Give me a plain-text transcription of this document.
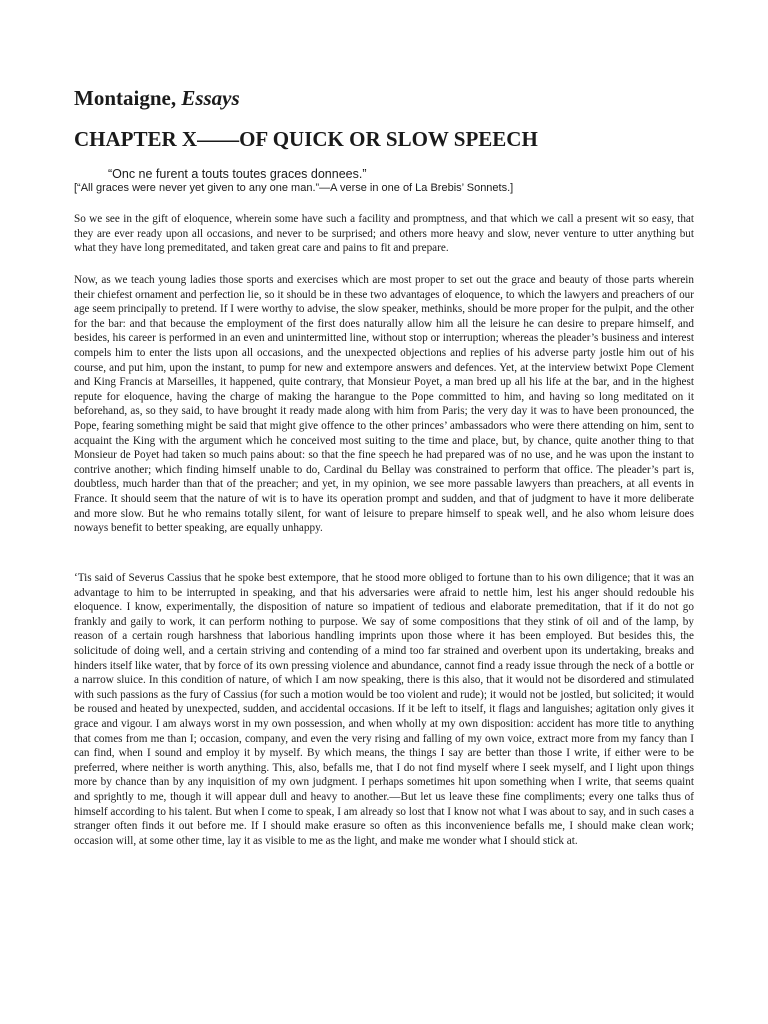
Montaigne, Essays
CHAPTER X——OF QUICK OR SLOW SPEECH

“Onc ne furent a touts toutes graces donnees.”

[“All graces were never yet given to any one man.”—A verse in one of La Brebis’ Sonnets.]

So we see in the gift of eloquence, wherein some have such a facility and promptness, and that which we call a present wit so easy, that they are ever ready upon all occasions, and never to be surprised; and others more heavy and slow, never venture to utter anything but what they have long premeditated, and taken great care and pains to fit and prepare.

Now, as we teach young ladies those sports and exercises which are most proper to set out the grace and beauty of those parts wherein their chiefest ornament and perfection lie, so it should be in these two advantages of eloquence, to which the lawyers and preachers of our age seem principally to pretend. If I were worthy to advise, the slow speaker, methinks, should be more proper for the pulpit, and the other for the bar: and that because the employment of the first does naturally allow him all the leisure he can desire to prepare himself, and besides, his career is performed in an even and unintermitted line, without stop or interruption; whereas the pleader’s business and interest compels him to enter the lists upon all occasions, and the unexpected objections and replies of his adverse party jostle him out of his course, and put him, upon the instant, to pump for new and extempore answers and defences. Yet, at the interview betwixt Pope Clement and King Francis at Marseilles, it happened, quite contrary, that Monsieur Poyet, a man bred up all his life at the bar, and in the highest repute for eloquence, having the charge of making the harangue to the Pope committed to him, and having so long meditated on it beforehand, as, so they said, to have brought it ready made along with him from Paris; the very day it was to have been pronounced, the Pope, fearing something might be said that might give offence to the other princes’ ambassadors who were there attending on him, sent to acquaint the King with the argument which he conceived most suiting to the time and place, but, by chance, quite another thing to that Monsieur de Poyet had taken so much pains about: so that the fine speech he had prepared was of no use, and he was upon the instant to contrive another; which finding himself unable to do, Cardinal du Bellay was constrained to perform that office. The pleader’s part is, doubtless, much harder than that of the preacher; and yet, in my opinion, we see more passable lawyers than preachers, at all events in France. It should seem that the nature of wit is to have its operation prompt and sudden, and that of judgment to have it more deliberate and more slow. But he who remains totally silent, for want of leisure to prepare himself to speak well, and he also whom leisure does noways benefit to better speaking, are equally unhappy.

‘Tis said of Severus Cassius that he spoke best extempore, that he stood more obliged to fortune than to his own diligence; that it was an advantage to him to be interrupted in speaking, and that his adversaries were afraid to nettle him, lest his anger should redouble his eloquence. I know, experimentally, the disposition of nature so impatient of tedious and elaborate premeditation, that if it do not go frankly and gaily to work, it can perform nothing to purpose. We say of some compositions that they stink of oil and of the lamp, by reason of a certain rough harshness that laborious handling imprints upon those where it has been employed. But besides this, the solicitude of doing well, and a certain striving and contending of a mind too far strained and overbent upon its undertaking, breaks and hinders itself like water, that by force of its own pressing violence and abundance, cannot find a ready issue through the neck of a bottle or a narrow sluice. In this condition of nature, of which I am now speaking, there is this also, that it would not be disordered and stimulated with such passions as the fury of Cassius (for such a motion would be too violent and rude); it would not be jostled, but solicited; it would be roused and heated by unexpected, sudden, and accidental occasions. If it be left to itself, it flags and languishes; agitation only gives it grace and vigour. I am always worst in my own possession, and when wholly at my own disposition: accident has more title to anything that comes from me than I; occasion, company, and even the very rising and falling of my own voice, extract more from my fancy than I can find, when I sound and employ it by myself. By which means, the things I say are better than those I write, if either were to be preferred, where neither is worth anything. This, also, befalls me, that I do not find myself where I seek myself, and I light upon things more by chance than by any inquisition of my own judgment. I perhaps sometimes hit upon something when I write, that seems quaint and sprightly to me, though it will appear dull and heavy to another.—But let us leave these fine compliments; every one talks thus of himself according to his talent. But when I come to speak, I am already so lost that I know not what I was about to say, and in such cases a stranger often finds it out before me. If I should make erasure so often as this inconvenience befalls me, I should make clean work; occasion will, at some other time, lay it as visible to me as the light, and make me wonder what I should stick at.
